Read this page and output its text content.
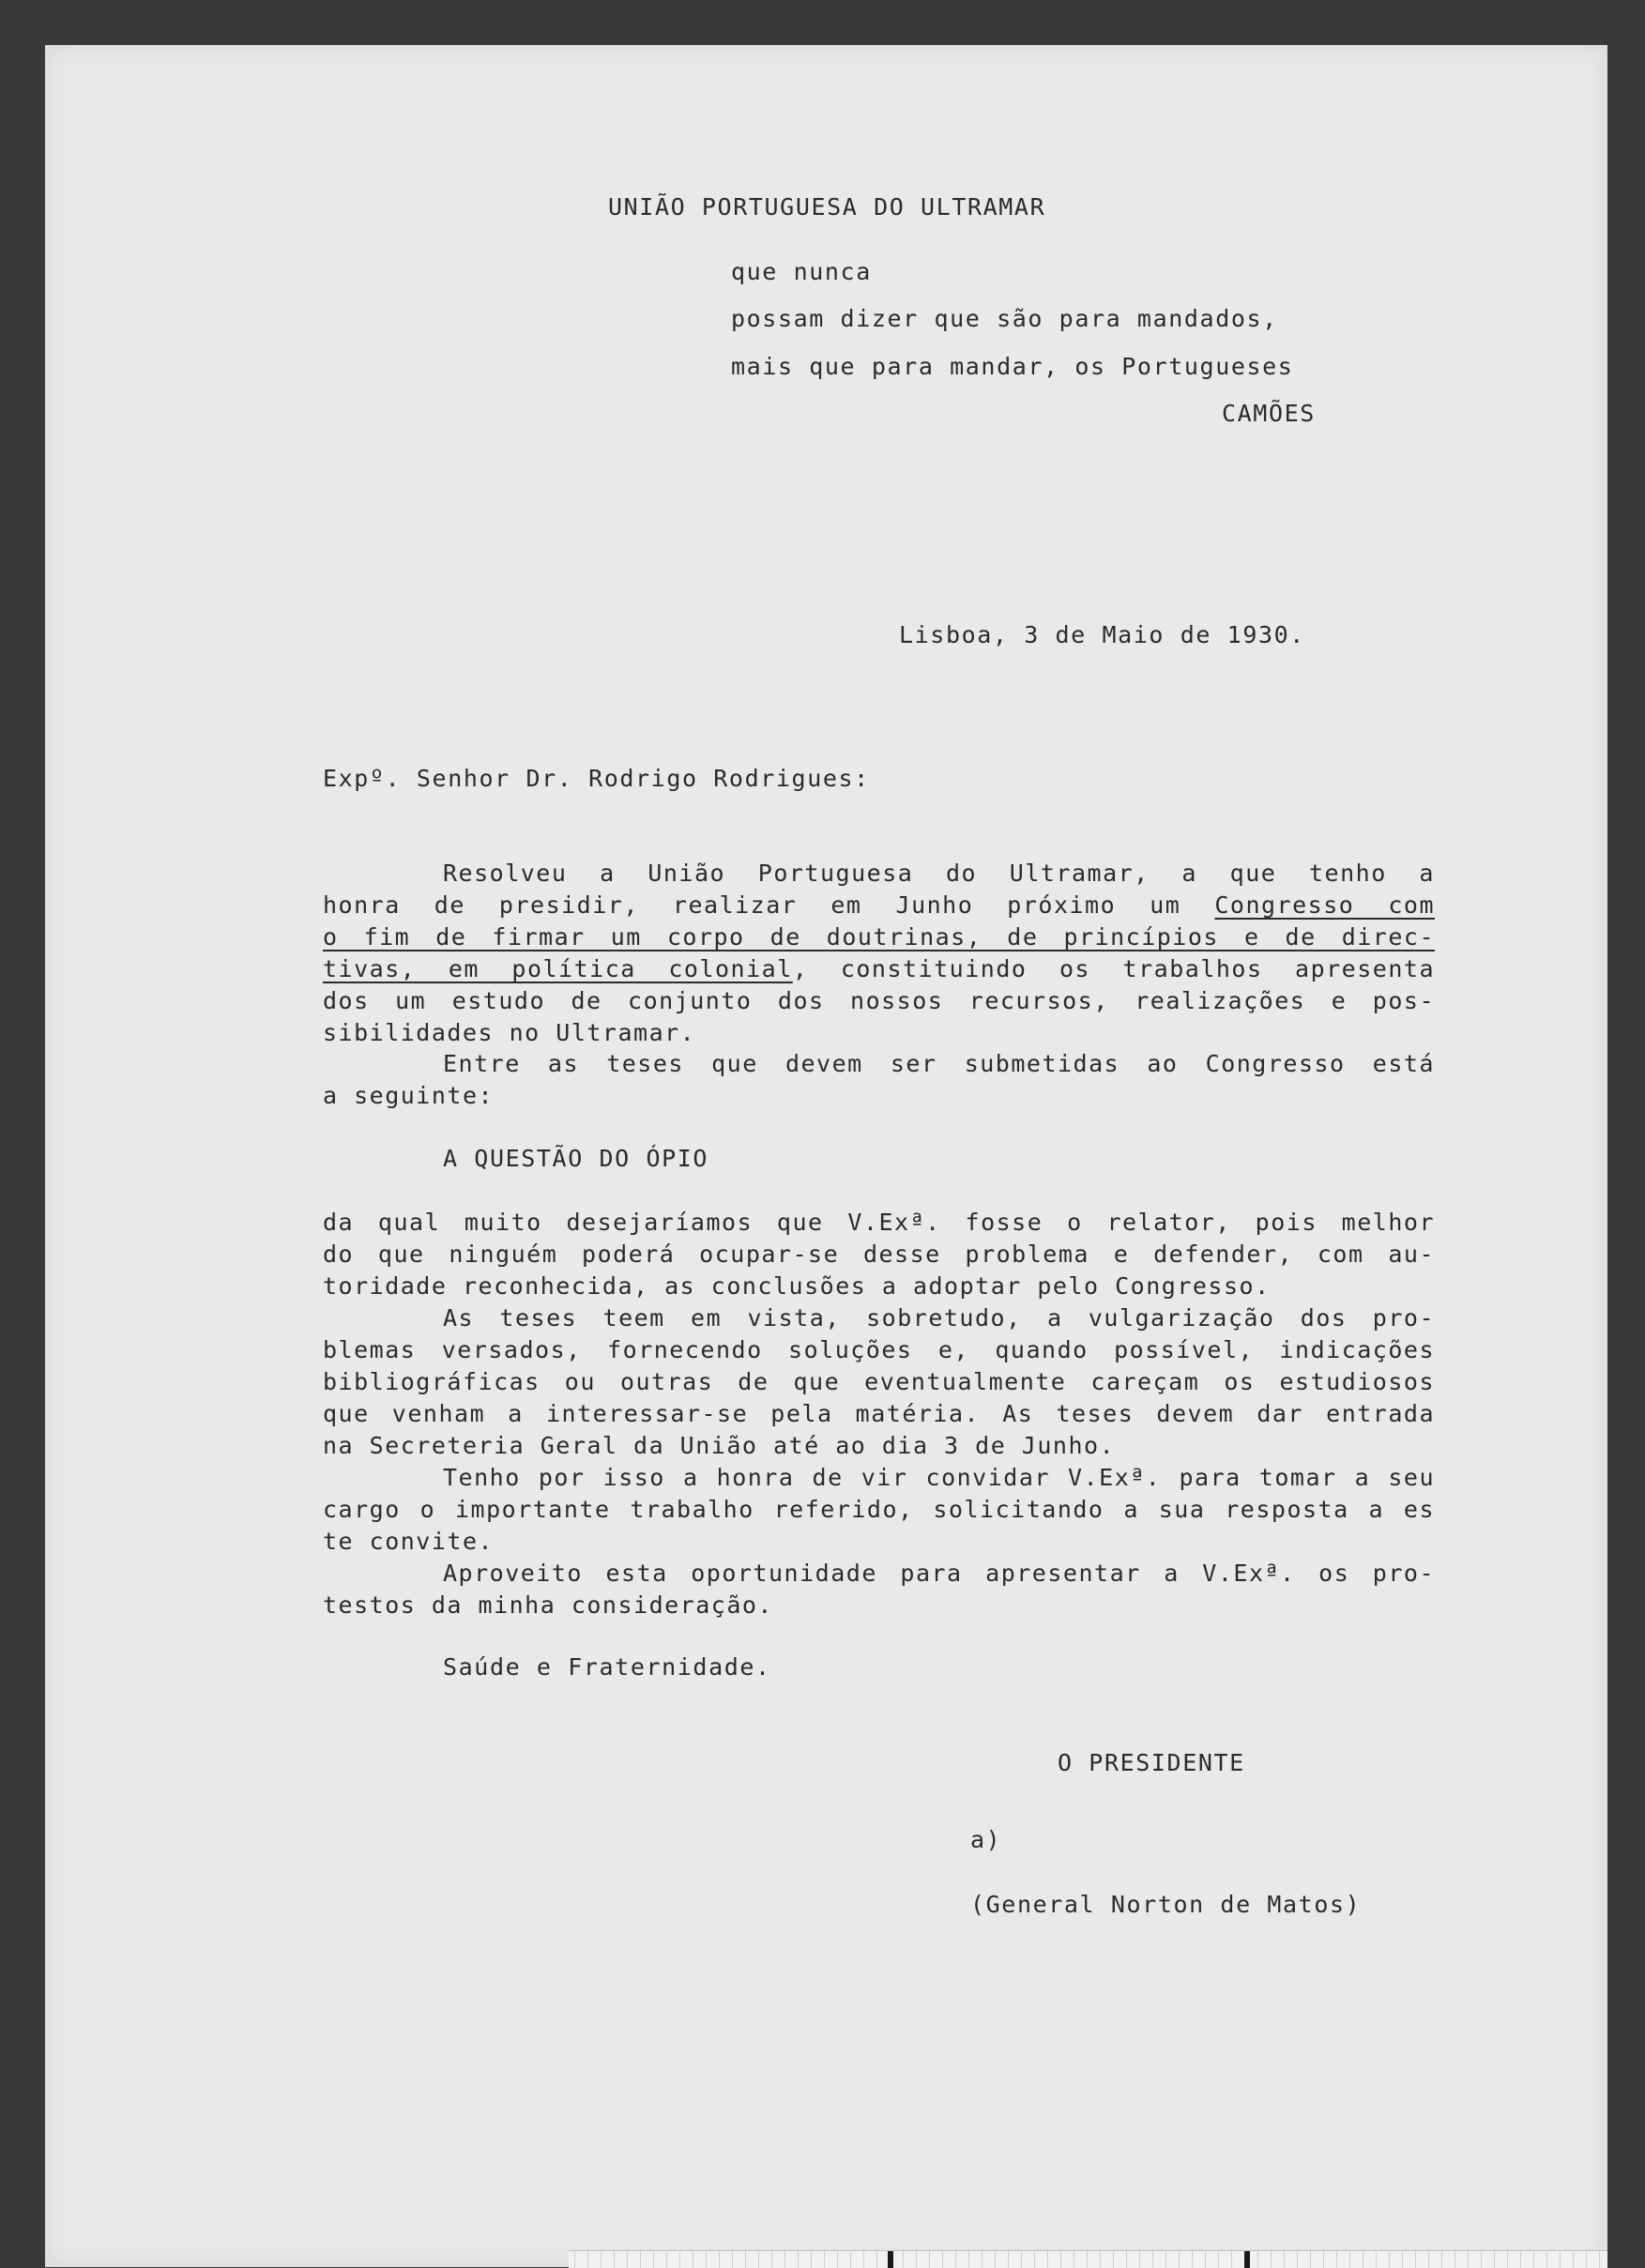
UNIÃO PORTUGUESA DO ULTRAMAR
que nunca
possam dizer que são para mandados,
mais que para mandar, os Portugueses
CAMÕES
Lisboa, 3 de Maio de 1930.
Expº. Senhor Dr. Rodrigo Rodrigues:
Resolveu a União Portuguesa do Ultramar, a que tenho a
honra de presidir, realizar em Junho próximo um Congresso com
o fim de firmar um corpo de doutrinas, de princípios e de direc-
tivas, em política colonial, constituindo os trabalhos apresenta
dos um estudo de conjunto dos nossos recursos, realizações e pos-
sibilidades no Ultramar.
Entre as teses que devem ser submetidas ao Congresso está
a seguinte:
A QUESTÃO DO ÓPIO
da qual muito desejaríamos que V.Exª. fosse o relator, pois melhor
do que ninguém poderá ocupar-se desse problema e defender, com au-
toridade reconhecida, as conclusões a adoptar pelo Congresso.
As teses teem em vista, sobretudo, a vulgarização dos pro-
blemas versados, fornecendo soluções e, quando possível, indicações
bibliográficas ou outras de que eventualmente careçam os estudiosos
que venham a interessar-se pela matéria. As teses devem dar entrada
na Secreteria Geral da União até ao dia 3 de Junho.
Tenho por isso a honra de vir convidar V.Exª. para tomar a seu
cargo o importante trabalho referido, solicitando a sua resposta a es
te convite.
Aproveito esta oportunidade para apresentar a V.Exª. os pro-
testos da minha consideração.
Saúde e Fraternidade.
O PRESIDENTE
a)
(General Norton de Matos)
